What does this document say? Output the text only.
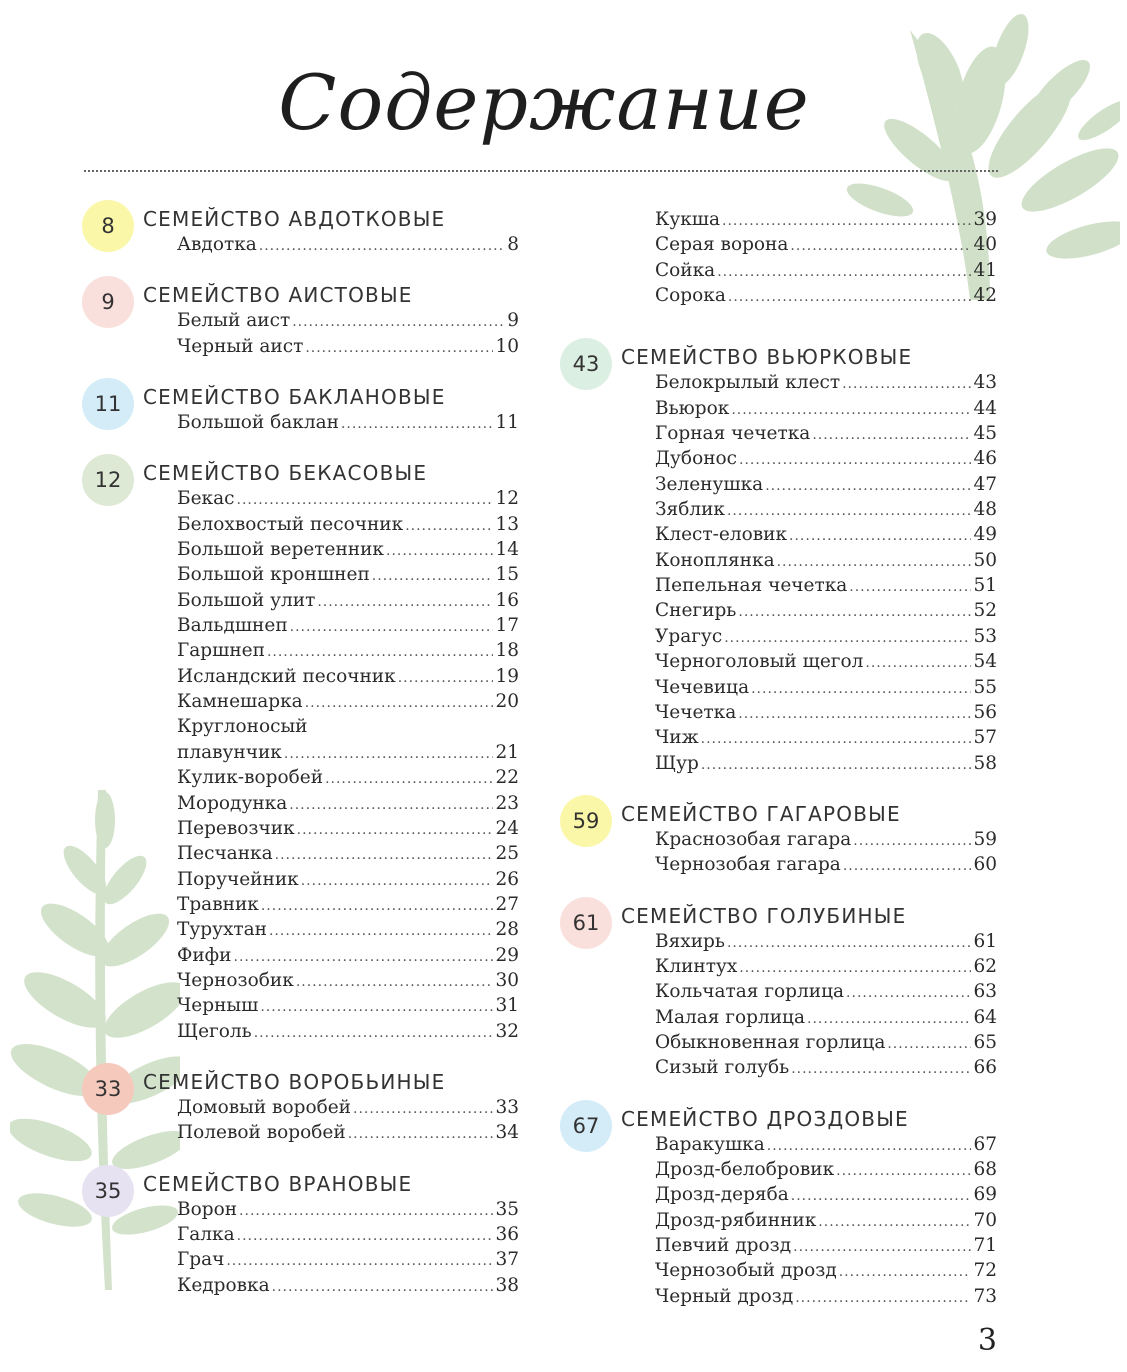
Содержание
8	СЕМЕЙСТВО АВДОТКОВЫЕ
Авдотка .....	8
9	СЕМЕЙСТВО АИСТОВЫЕ
Белый аист .....	9
Черный аист .....	10
11	СЕМЕЙСТВО БАКЛАНОВЫЕ
Большой баклан .....	11
12	СЕМЕЙСТВО БЕКАСОВЫЕ
Бекас .....	12
Белохвостый песочник .....	13
Большой веретенник .....	14
Большой кроншнеп .....	15
Большой улит .....	16
Вальдшнеп .....	17
Гаршнеп .....	18
Исландский песочник .....	19
Камнешарка .....	20
Круглоносый
плавунчик .....	21
Кулик-воробей .....	22
Мородунка .....	23
Перевозчик .....	24
Песчанка .....	25
Поручейник .....	26
Травник .....	27
Турухтан .....	28
Фифи .....	29
Чернозобик .....	30
Черныш .....	31
Щеголь .....	32
33	СЕМЕЙСТВО ВОРОБЬИНЫЕ
Домовый воробей .....	33
Полевой воробей .....	34
35	СЕМЕЙСТВО ВРАНОВЫЕ
Ворон .....	35
Галка .....	36
Грач .....	37
Кедровка .....	38
Кукша .....	39
Серая ворона .....	40
Сойка .....	41
Сорока .....	42
43	СЕМЕЙСТВО ВЬЮРКОВЫЕ
Белокрылый клест .....	43
Вьюрок .....	44
Горная чечетка .....	45
Дубонос .....	46
Зеленушка .....	47
Зяблик .....	48
Клест-еловик .....	49
Коноплянка .....	50
Пепельная чечетка .....	51
Снегирь .....	52
Урагус .....	53
Черноголовый щегол .....	54
Чечевица .....	55
Чечетка .....	56
Чиж .....	57
Щур .....	58
59	СЕМЕЙСТВО ГАГАРОВЫЕ
Краснозобая гагара .....	59
Чернозобая гагара .....	60
61	СЕМЕЙСТВО ГОЛУБИНЫЕ
Вяхирь .....	61
Клинтух .....	62
Кольчатая горлица .....	63
Малая горлица .....	64
Обыкновенная горлица .....	65
Сизый голубь .....	66
67	СЕМЕЙСТВО ДРОЗДОВЫЕ
Варакушка .....	67
Дрозд-белобровик .....	68
Дрозд-деряба .....	69
Дрозд-рябинник .....	70
Певчий дрозд .....	71
Чернозобый дрозд .....	72
Черный дрозд .....	73
3
